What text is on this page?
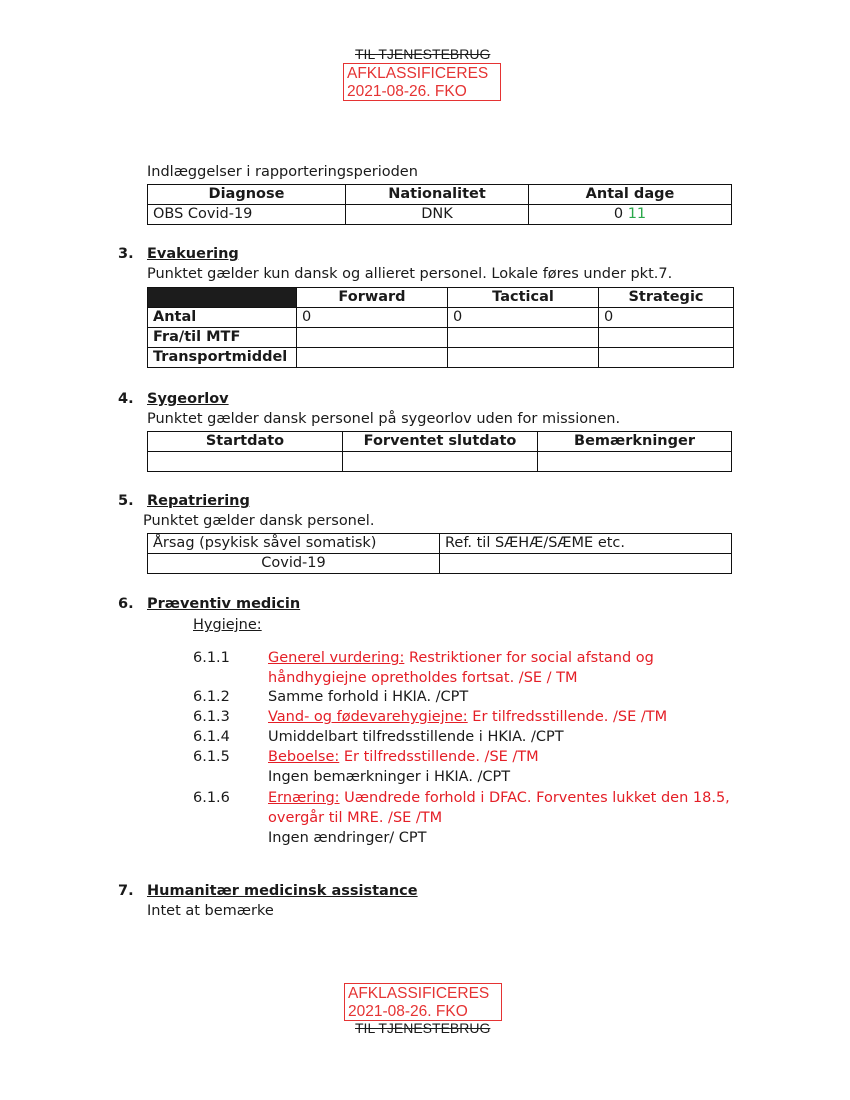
TIL TJENESTEBRUG
AFKLASSIFICERES
2021-08-26. FKO
Indlæggelser i rapporteringsperioden
Diagnose	Nationalitet	Antal dage
OBS Covid-19	DNK	0 11
3. Evakuering
Punktet gælder kun dansk og allieret personel. Lokale føres under pkt.7.
	Forward	Tactical	Strategic
Antal	0	0	0
Fra/til MTF			
Transportmiddel			
4. Sygeorlov
Punktet gælder dansk personel på sygeorlov uden for missionen.
Startdato	Forventet slutdato	Bemærkninger

5. Repatriering
Punktet gælder dansk personel.
Årsag (psykisk såvel somatisk)	Ref. til SÆHÆ/SÆME etc.
Covid-19	
6. Præventiv medicin
Hygiejne:
6.1.1	Generel vurdering: Restriktioner for social afstand og
håndhygiejne opretholdes fortsat. /SE / TM
6.1.2	Samme forhold i HKIA. /CPT
6.1.3	Vand- og fødevarehygiejne: Er tilfredsstillende. /SE /TM
6.1.4	Umiddelbart tilfredsstillende i HKIA. /CPT
6.1.5	Beboelse: Er tilfredsstillende. /SE /TM
Ingen bemærkninger i HKIA. /CPT
6.1.6	Ernæring: Uændrede forhold i DFAC. Forventes lukket den 18.5,
overgår til MRE. /SE /TM
Ingen ændringer/ CPT
7. Humanitær medicinsk assistance
Intet at bemærke
AFKLASSIFICERES
2021-08-26. FKO
TIL TJENESTEBRUG
